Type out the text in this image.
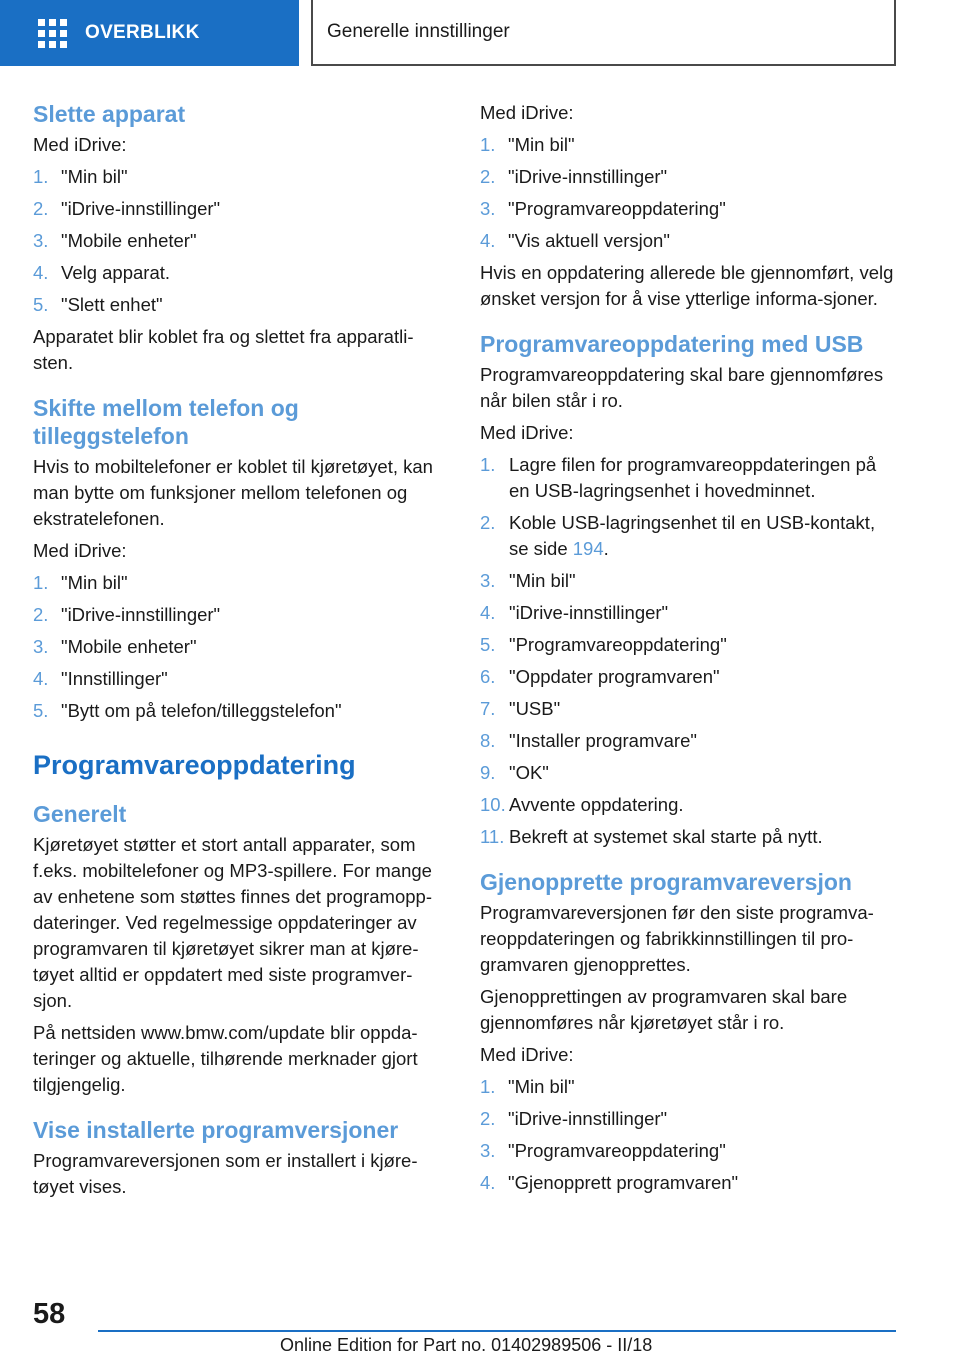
OVERBLIKK	Generelle innstillinger
Slette apparat

Med iDrive:

1. "Min bil"
2. "iDrive-innstillinger"
3. "Mobile enheter"
4. Velg apparat.
5. "Slett enhet"

Apparatet blir koblet fra og slettet fra apparatli-sten.

Skifte mellom telefon og tilleggstelefon

Hvis to mobiltelefoner er koblet til kjøretøyet, kan man bytte om funksjoner mellom telefonen og ekstratelefonen.

Med iDrive:

1. "Min bil"
2. "iDrive-innstillinger"
3. "Mobile enheter"
4. "Innstillinger"
5. "Bytt om på telefon/tilleggstelefon"
Programvareoppdatering
Generelt

Kjøretøyet støtter et stort antall apparater, som f.eks. mobiltelefoner og MP3-spillere. For mange av enhetene som støttes finnes det programopp-dateringer. Ved regelmessige oppdateringer av programvaren til kjøretøyet sikrer man at kjøre-tøyet alltid er oppdatert med siste programver-sjon.

På nettsiden www.bmw.com/update blir oppda-teringer og aktuelle, tilhørende merknader gjort tilgjengelig.

Vise installerte programversjoner

Programvareversjonen som er installert i kjøre-tøyet vises.

Med iDrive:

1. "Min bil"
2. "iDrive-innstillinger"
3. "Programvareoppdatering"
4. "Vis aktuell versjon"

Hvis en oppdatering allerede ble gjennomført, velg ønsket versjon for å vise ytterlige informa-sjoner.

Programvareoppdatering med USB

Programvareoppdatering skal bare gjennomføres når bilen står i ro.

Med iDrive:

1. Lagre filen for programvareoppdateringen på en USB-lagringsenhet i hovedminnet.
2. Koble USB-lagringsenhet til en USB-kontakt, se side 194.
3. "Min bil"
4. "iDrive-innstillinger"
5. "Programvareoppdatering"
6. "Oppdater programvaren"
7. "USB"
8. "Installer programvare"
9. "OK"
10. Avvente oppdatering.
11. Bekreft at systemet skal starte på nytt.
Gjenopprette programvareversjon

Programvareversjonen før den siste programva-reoppdateringen og fabrikkinnstillingen til pro-gramvaren gjenopprettes.

Gjenopprettingen av programvaren skal bare gjennomføres når kjøretøyet står i ro.

Med iDrive:

1. "Min bil"
2. "iDrive-innstillinger"
3. "Programvareoppdatering"
4. "Gjenopprett programvaren"
58
Online Edition for Part no. 01402989506 - II/18
